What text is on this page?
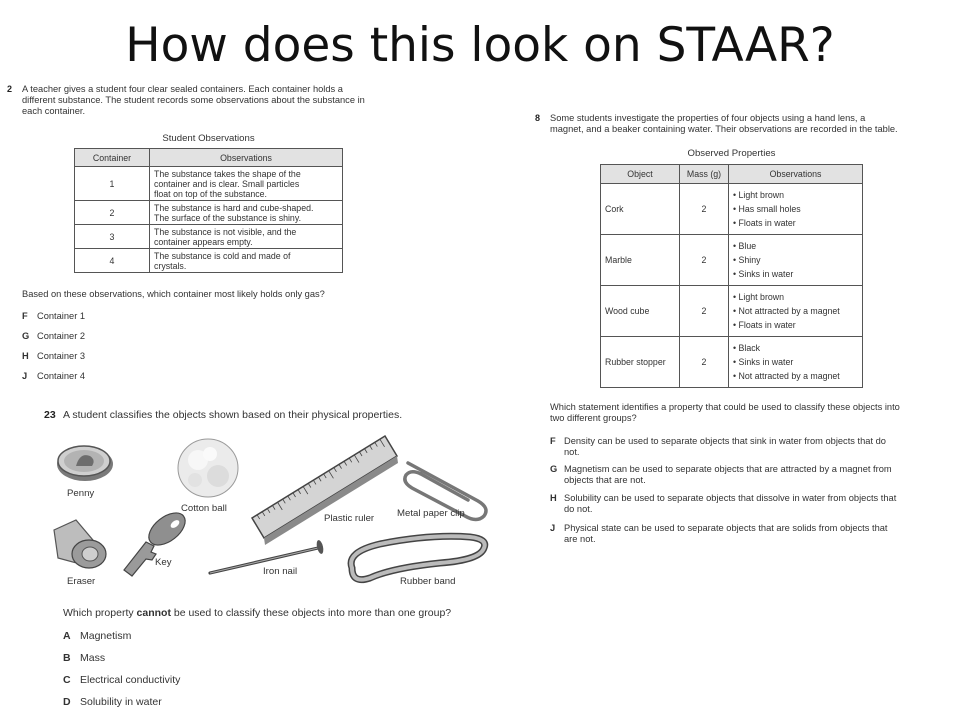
How does this look on STAAR?
2 A teacher gives a student four clear sealed containers. Each container holds a
different substance. The student records some observations about the substance in
each container.
Student Observations
Container	Observations
1	The substance takes the shape of the
container and is clear. Small particles
float on top of the substance.

2	The substance is hard and cube-shaped.
The surface of the substance is shiny.

3	The substance is not visible, and the
container appears empty.

4	The substance is cold and made of
crystals.
Based on these observations, which container most likely holds only gas?
F Container 1
G Container 2
H Container 3
J Container 4
23 A student classifies the objects shown based on their physical properties.
Penny
Cotton ball
Plastic ruler Metal paper clip
Eraser
Key
Iron nail
Rubber band
Which property cannot be used to classify these objects into more than one group?
A Magnetism
B Mass
C Electrical conductivity
D Solubility in water
8 Some students investigate the properties of four objects using a hand lens, a
magnet, and a beaker containing water. Their observations are recorded in the table.
Observed Properties
Object	Mass (g)	Observations
Cork	2	• Light brown
• Has small holes
• Floats in water

Marble	2	• Blue
• Shiny
• Sinks in water

Wood cube	2	• Light brown
• Not attracted by a magnet
• Floats in water

Rubber stopper	2	• Black
• Sinks in water
• Not attracted by a magnet
Which statement identifies a property that could be used to classify these objects into
two different groups?
F Density can be used to separate objects that sink in water from objects that do
not.
G Magnetism can be used to separate objects that are attracted by a magnet from
objects that are not.
H Solubility can be used to separate objects that dissolve in water from objects that
do not.
J Physical state can be used to separate objects that are solids from objects that
are not.
